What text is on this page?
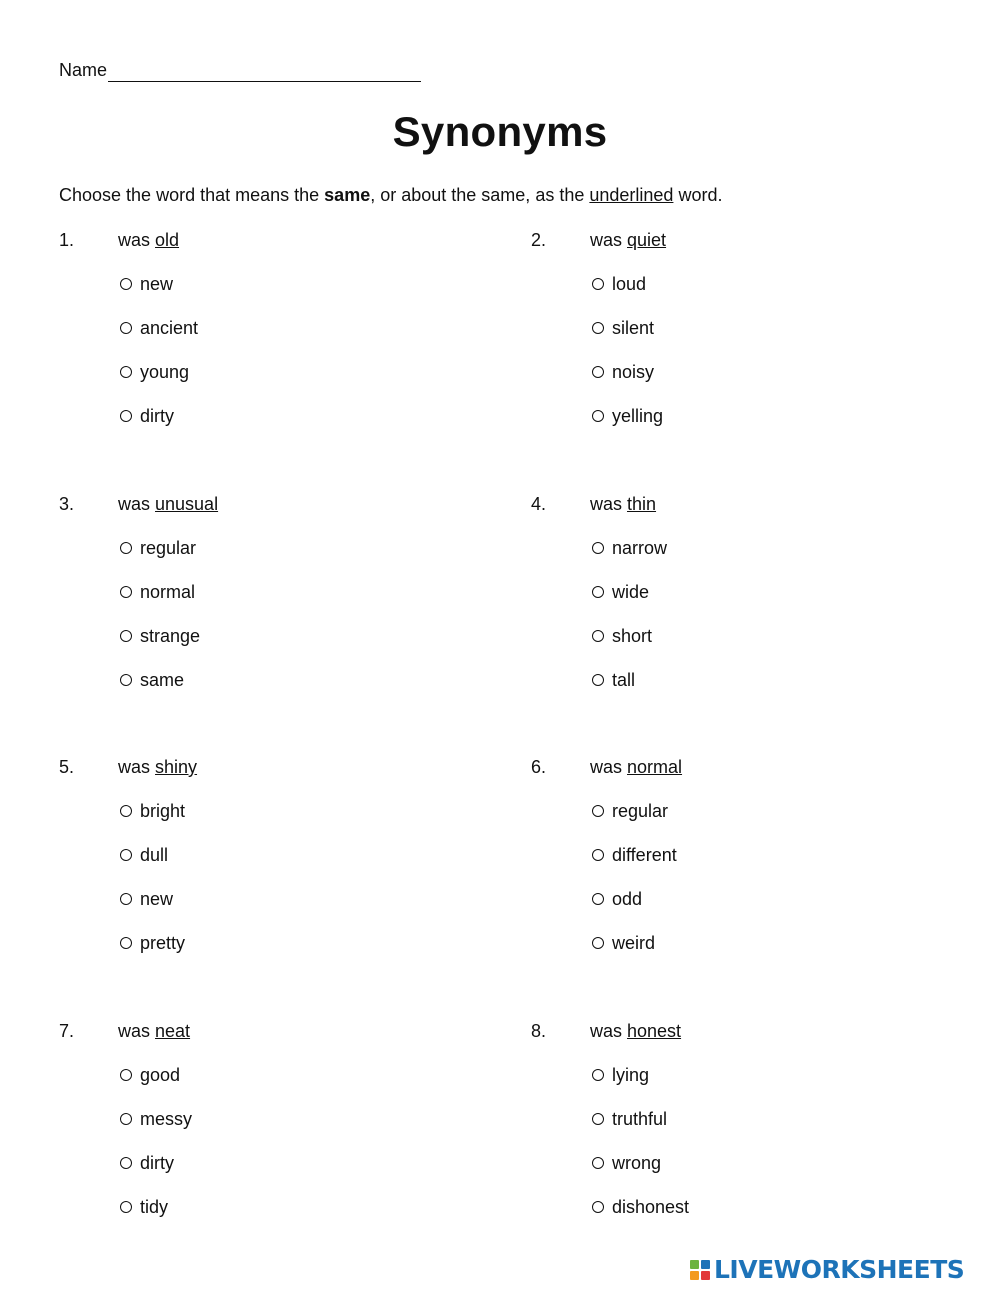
Name
Synonyms
Choose the word that means the same, or about the same, as the underlined word.
1. was old
new
ancient
young
dirty
2. was quiet
loud
silent
noisy
yelling
3. was unusual
regular
normal
strange
same
4. was thin
narrow
wide
short
tall
5. was shiny
bright
dull
new
pretty
6. was normal
regular
different
odd
weird
7. was neat
good
messy
dirty
tidy
8. was honest
lying
truthful
wrong
dishonest
LIVEWORKSHEETS
